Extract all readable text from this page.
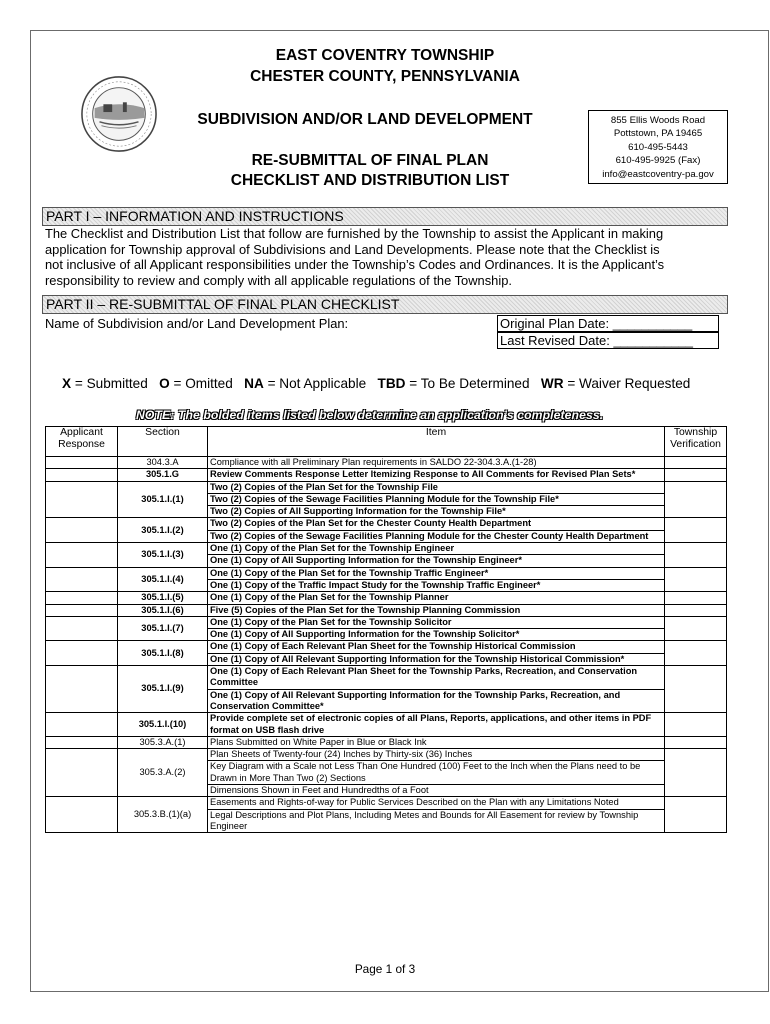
EAST COVENTRY TOWNSHIP
CHESTER COUNTY, PENNSYLVANIA
SUBDIVISION AND/OR LAND DEVELOPMENT
RE-SUBMITTAL OF FINAL PLAN
CHECKLIST AND DISTRIBUTION LIST
855 Ellis Woods Road
Pottstown, PA 19465
610-495-5443
610-495-9925 (Fax)
info@eastcoventry-pa.gov
PART I – INFORMATION AND INSTRUCTIONS
The Checklist and Distribution List that follow are furnished by the Township to assist the Applicant in making
application for Township approval of Subdivisions and Land Developments. Please note that the Checklist is
not inclusive of all Applicant responsibilities under the Township’s Codes and Ordinances. It is the Applicant’s
responsibility to review and comply with all applicable regulations of the Township.
PART II – RE-SUBMITTAL OF FINAL PLAN CHECKLIST
Name of Subdivision and/or Land Development Plan:	Original Plan Date: ___________
Last Revised Date: ___________
X = Submitted O = Omitted NA = Not Applicable TBD = To Be Determined WR = Waiver Requested
NOTE: The bolded items listed below determine an application’s completeness.
Applicant Response	Section	Item	Township Verification
	304.3.A	Compliance with all Preliminary Plan requirements in SALDO 22-304.3.A.(1-28)	
	305.1.G	Review Comments Response Letter Itemizing Response to All Comments for Revised Plan Sets*	
	305.1.I.(1)	Two (2) Copies of the Plan Set for the Township File	
		Two (2) Copies of the Sewage Facilities Planning Module for the Township File*	
		Two (2) Copies of All Supporting Information for the Township File*	
	305.1.I.(2)	Two (2) Copies of the Plan Set for the Chester County Health Department	
		Two (2) Copies of the Sewage Facilities Planning Module for the Chester County Health Department	
	305.1.I.(3)	One (1) Copy of the Plan Set for the Township Engineer	
		One (1) Copy of All Supporting Information for the Township Engineer*	
	305.1.I.(4)	One (1) Copy of the Plan Set for the Township Traffic Engineer*	
		One (1) Copy of the Traffic Impact Study for the Township Traffic Engineer*	
	305.1.I.(5)	One (1) Copy of the Plan Set for the Township Planner	
	305.1.I.(6)	Five (5) Copies of the Plan Set for the Township Planning Commission	
	305.1.I.(7)	One (1) Copy of the Plan Set for the Township Solicitor	
		One (1) Copy of All Supporting Information for the Township Solicitor*	
	305.1.I.(8)	One (1) Copy of Each Relevant Plan Sheet for the Township Historical Commission	
		One (1) Copy of All Relevant Supporting Information for the Township Historical Commission*	
	305.1.I.(9)	One (1) Copy of Each Relevant Plan Sheet for the Township Parks, Recreation, and Conservation Committee	
		One (1) Copy of All Relevant Supporting Information for the Township Parks, Recreation, and Conservation Committee*	
	305.1.I.(10)	Provide complete set of electronic copies of all Plans, Reports, applications, and other items in PDF format on USB flash drive	
	305.3.A.(1)	Plans Submitted on White Paper in Blue or Black Ink	
	305.3.A.(2)	Plan Sheets of Twenty-four (24) Inches by Thirty-six (36) Inches	
		Key Diagram with a Scale not Less Than One Hundred (100) Feet to the Inch when the Plans need to be Drawn in More Than Two (2) Sections	
		Dimensions Shown in Feet and Hundredths of a Foot	
	305.3.B.(1)(a)	Easements and Rights-of-way for Public Services Described on the Plan with any Limitations Noted	
		Legal Descriptions and Plot Plans, Including Metes and Bounds for All Easement for review by Township Engineer	
Page 1 of 3
